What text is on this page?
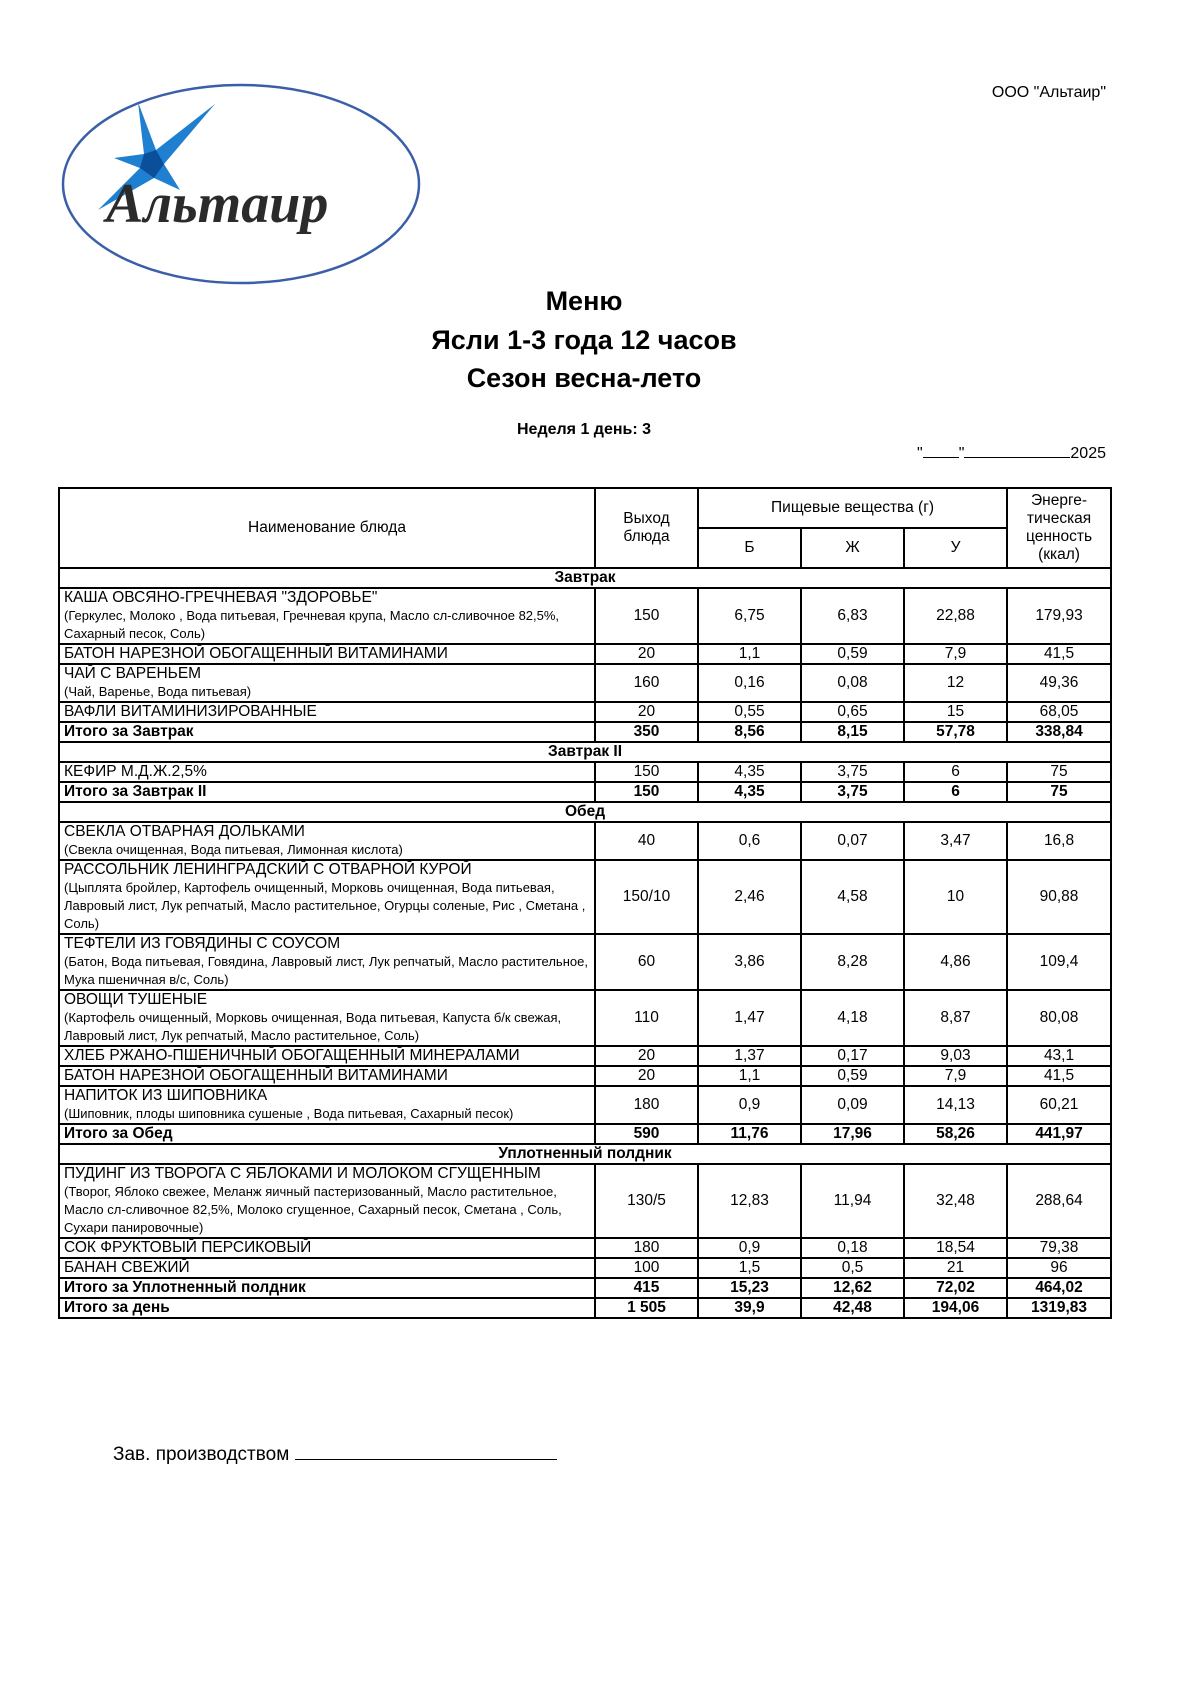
ООО "Альтаир"
Альтаир
Меню
Ясли 1-3 года 12 часов
Сезон весна-лето
Неделя 1 день: 3
" "	2025
Наименование блюда	Выход блюда	Пищевые вещества (г)			Энерге-тическая ценность (ккал)
		Б	Ж	У	
Завтрак					

КАША ОВСЯНО-ГРЕЧНЕВАЯ "ЗДОРОВЬЕ"
(Геркулес, Молоко , Вода питьевая, Гречневая крупа, Масло сл-сливочное 82,5%, Сахарный песок, Соль)	150	6,75	6,83	22,88	179,93

БАТОН НАРЕЗНОЙ ОБОГАЩЕННЫЙ ВИТАМИНАМИ	20	1,1	0,59	7,9	41,5

ЧАЙ С ВАРЕНЬЕМ
(Чай, Варенье, Вода питьевая)	160	0,16	0,08	12	49,36

ВАФЛИ ВИТАМИНИЗИРОВАННЫЕ	20	0,55	0,65	15	68,05
Итого за Завтрак	350	8,56	8,15	57,78	338,84
Завтрак II					

КЕФИР М.Д.Ж.2,5%	150	4,35	3,75	6	75
Итого за Завтрак II	150	4,35	3,75	6	75
Обед					

СВЕКЛА ОТВАРНАЯ ДОЛЬКАМИ
(Свекла очищенная, Вода питьевая, Лимонная кислота)	40	0,6	0,07	3,47	16,8

РАССОЛЬНИК ЛЕНИНГРАДСКИЙ С ОТВАРНОЙ КУРОЙ
(Цыплята бройлер, Картофель очищенный, Морковь очищенная, Вода питьевая, Лавровый лист, Лук репчатый, Масло растительное, Огурцы соленые, Рис , Сметана , Соль)	150/10	2,46	4,58	10	90,88

ТЕФТЕЛИ ИЗ ГОВЯДИНЫ С СОУСОМ
(Батон, Вода питьевая, Говядина, Лавровый лист, Лук репчатый, Масло растительное, Мука пшеничная в/с, Соль)	60	3,86	8,28	4,86	109,4

ОВОЩИ ТУШЕНЫЕ
(Картофель очищенный, Морковь очищенная, Вода питьевая, Капуста б/к свежая, Лавровый лист, Лук репчатый, Масло растительное, Соль)	110	1,47	4,18	8,87	80,08

ХЛЕБ РЖАНО-ПШЕНИЧНЫЙ ОБОГАЩЕННЫЙ МИНЕРАЛАМИ	20	1,37	0,17	9,03	43,1

БАТОН НАРЕЗНОЙ ОБОГАЩЕННЫЙ ВИТАМИНАМИ	20	1,1	0,59	7,9	41,5

НАПИТОК ИЗ ШИПОВНИКА
(Шиповник, плоды шиповника сушеные , Вода питьевая, Сахарный песок)	180	0,9	0,09	14,13	60,21
Итого за Обед	590	11,76	17,96	58,26	441,97
Уплотненный полдник					

ПУДИНГ ИЗ ТВОРОГА С ЯБЛОКАМИ И МОЛОКОМ СГУЩЕННЫМ
(Творог, Яблоко свежее, Меланж яичный пастеризованный, Масло растительное, Масло сл-сливочное 82,5%, Молоко сгущенное, Сахарный песок, Сметана , Соль, Сухари панировочные)	130/5	12,83	11,94	32,48	288,64

СОК ФРУКТОВЫЙ ПЕРСИКОВЫЙ	180	0,9	0,18	18,54	79,38

БАНАН СВЕЖИЙ	100	1,5	0,5	21	96
Итого за Уплотненный полдник	415	15,23	12,62	72,02	464,02
Итого за день	1 505	39,9	42,48	194,06	1319,83
Зав. производством
